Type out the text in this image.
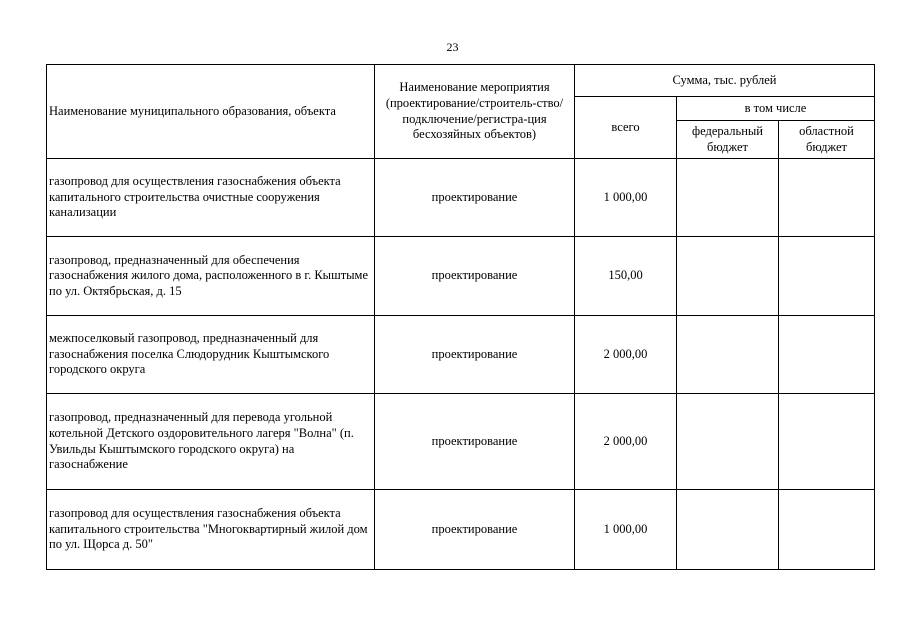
23
Наименование муниципального образования, объекта	Наименование мероприятия (проектирование/строитель-ство/подключение/регистра-ция бесхозяйных объектов)	Сумма, тыс. рублей		
		всего	в том числе	
			федеральный бюджет	областной бюджет
газопровод для осуществления газоснабжения объекта капитального строительства очистные сооружения канализации	проектирование	1 000,00		
газопровод, предназначенный для обеспечения газоснабжения жилого дома, расположенного в г. Кыштыме по ул. Октябрьская, д. 15	проектирование	150,00		
межпоселковый газопровод, предназначенный для газоснабжения поселка Слюдорудник Кыштымского городского округа	проектирование	2 000,00		
газопровод, предназначенный для перевода угольной котельной Детского оздоровительного лагеря "Волна" (п. Увильды Кыштымского городского округа) на газоснабжение	проектирование	2 000,00		
газопровод для осуществления газоснабжения объекта капитального строительства "Многоквартирный жилой дом по ул. Щорса д. 50"	проектирование	1 000,00		
